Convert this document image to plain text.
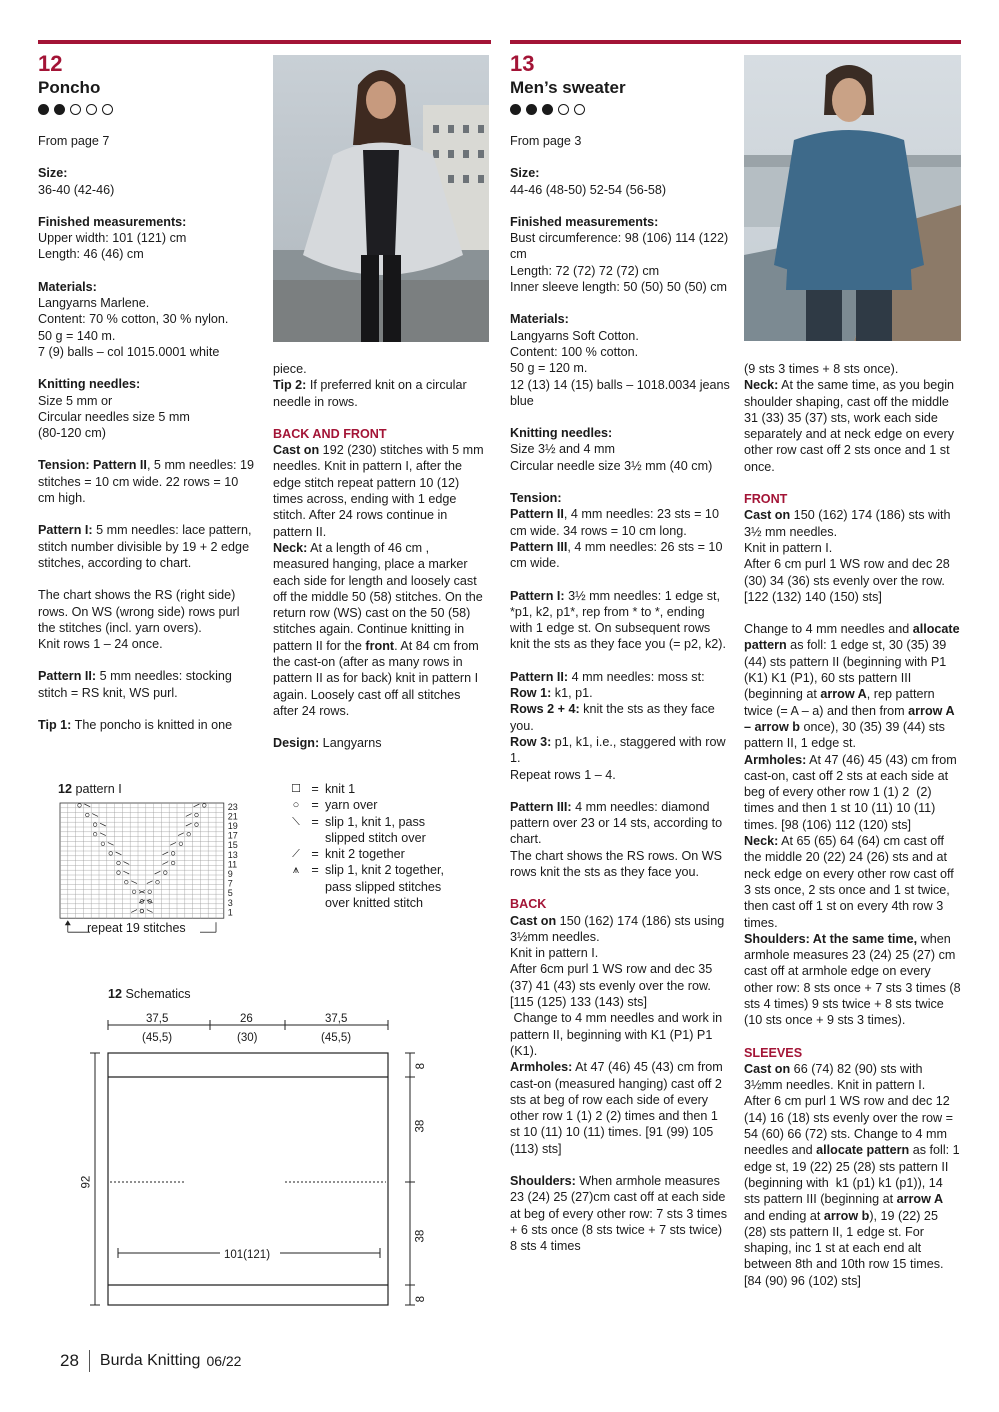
12
Poncho
From page 7
Size:
36-40 (42-46)
Finished measurements:
Upper width: 101 (121) cm
Length: 46 (46) cm
Materials:
Langyarns Marlene.
Content: 70 % cotton, 30 % nylon.
50 g = 140 m.
7 (9) balls – col 1015.0001 white
Knitting needles:
Size 5 mm or
Circular needles size 5 mm
(80-120 cm)
Tension: Pattern II, 5 mm needles: 19 stitches = 10 cm wide. 22 rows = 10 cm high.
Pattern I: 5 mm needles: lace pattern, stitch number divisible by 19 + 2 edge stitches, according to chart.
The chart shows the RS (right side) rows. On WS (wrong side) rows purl the stitches (incl. yarn overs).
Knit rows 1 – 24 once.
Pattern II: 5 mm needles: stocking stitch = RS knit, WS purl.
Tip 1: The poncho is knitted in one
piece.
Tip 2: If preferred knit on a circular needle in rows.
BACK AND FRONT
Cast on 192 (230) stitches with 5 mm needles. Knit in pattern I, after the edge stitch repeat pattern 10 (12) times across, ending with 1 edge stitch. After 24 rows continue in pattern II.
Neck: At a length of 46 cm , measured hanging, place a marker each side for length and loosely cast off the middle 50 (58) stitches. On the return row (WS) cast on the 50 (58) stitches again. Continue knitting in pattern II for the front. At 84 cm from the cast-on (after as many rows in pattern II as for back) knit in pattern I again. Loosely cast off all stitches after 24 rows.
Design: Langyarns
12 pattern I
23
21
19
17
15
13
11
9
7
5
3
1
repeat 19 stitches
☐ = knit 1
○ = yarn over
⟍ = slip 1, knit 1, pass slipped stitch over
⟋ = knit 2 together
⩚ = slip 1, knit 2 together, pass slipped stitches over knitted stitch
12 Schematics
37,5
(45,5)
26
(30)
37,5
(45,5)
92
8
38
38
8
101(121)
13
Men’s sweater
From page 3
Size:
44-46 (48-50) 52-54 (56-58)
Finished measurements:
Bust circumference: 98 (106) 114 (122) cm
Length: 72 (72) 72 (72) cm
Inner sleeve length: 50 (50) 50 (50) cm
Materials:
Langyarns Soft Cotton.
Content: 100 % cotton.
50 g = 120 m.
12 (13) 14 (15) balls – 1018.0034 jeans blue
Knitting needles:
Size 3½ and 4 mm
Circular needle size 3½ mm (40 cm)
Tension:
Pattern II, 4 mm needles: 23 sts = 10 cm wide. 34 rows = 10 cm long.
Pattern III, 4 mm needles: 26 sts = 10 cm wide.
Pattern I: 3½ mm needles: 1 edge st, *p1, k2, p1*, rep from * to *, ending with 1 edge st. On subsequent rows knit the sts as they face you (= p2, k2).
Pattern II: 4 mm needles: moss st:
Row 1: k1, p1.
Rows 2 + 4: knit the sts as they face you.
Row 3: p1, k1, i.e., staggered with row 1.
Repeat rows 1 – 4.
Pattern III: 4 mm needles: diamond pattern over 23 or 14 sts, according to chart.
The chart shows the RS rows. On WS rows knit the sts as they face you.
BACK
Cast on 150 (162) 174 (186) sts using 3½mm needles.
Knit in pattern I.
After 6cm purl 1 WS row and dec 35 (37) 41 (43) sts evenly over the row. [115 (125) 133 (143) sts]
Change to 4 mm needles and work in pattern II, beginning with K1 (P1) P1 (K1).
Armholes: At 47 (46) 45 (43) cm from cast-on (measured hanging) cast off 2 sts at beg of row each side of every other row 1 (1) 2 (2) times and then 1 st 10 (11) 10 (11) times. [91 (99) 105 (113) sts]
Shoulders: When armhole measures 23 (24) 25 (27)cm cast off at each side at beg of every other row: 7 sts 3 times + 6 sts once (8 sts twice + 7 sts twice) 8 sts 4 times
(9 sts 3 times + 8 sts once).
Neck: At the same time, as you begin shoulder shaping, cast off the middle 31 (33) 35 (37) sts, work each side separately and at neck edge on every other row cast off 2 sts once and 1 st once.
FRONT
Cast on 150 (162) 174 (186) sts with 3½ mm needles.
Knit in pattern I.
After 6 cm purl 1 WS row and dec 28 (30) 34 (36) sts evenly over the row. [122 (132) 140 (150) sts]
Change to 4 mm needles and allocate pattern as foll: 1 edge st, 30 (35) 39 (44) sts pattern II (beginning with P1 (K1) K1 (P1), 60 sts pattern III (beginning at arrow A, rep pattern twice (= A – a) and then from arrow A – arrow b once), 30 (35) 39 (44) sts pattern II, 1 edge st.
Armholes: At 47 (46) 45 (43) cm from cast-on, cast off 2 sts at each side at beg of every other row 1 (1) 2  (2) times and then 1 st 10 (11) 10 (11) times. [98 (106) 112 (120) sts]
Neck: At 65 (65) 64 (64) cm cast off the middle 20 (22) 24 (26) sts and at neck edge on every other row cast off 3 sts once, 2 sts once and 1 st twice, then cast off 1 st on every 4th row 3 times.
Shoulders: At the same time, when armhole measures 23 (24) 25 (27) cm cast off at armhole edge on every other row: 8 sts once + 7 sts 3 times (8 sts 4 times) 9 sts twice + 8 sts twice (10 sts once + 9 sts 3 times).
SLEEVES
Cast on 66 (74) 82 (90) sts with 3½mm needles. Knit in pattern I.
After 6 cm purl 1 WS row and dec 12 (14) 16 (18) sts evenly over the row = 54 (60) 66 (72) sts. Change to 4 mm needles and allocate pattern as foll: 1 edge st, 19 (22) 25 (28) sts pattern II (beginning with  k1 (p1) k1 (p1)), 14 sts pattern III (beginning at arrow A and ending at arrow b), 19 (22) 25 (28) sts pattern II, 1 edge st. For shaping, inc 1 st at each end alt between 8th and 10th row 15 times. [84 (90) 96 (102) sts]
28 Burda Knitting 06/22
